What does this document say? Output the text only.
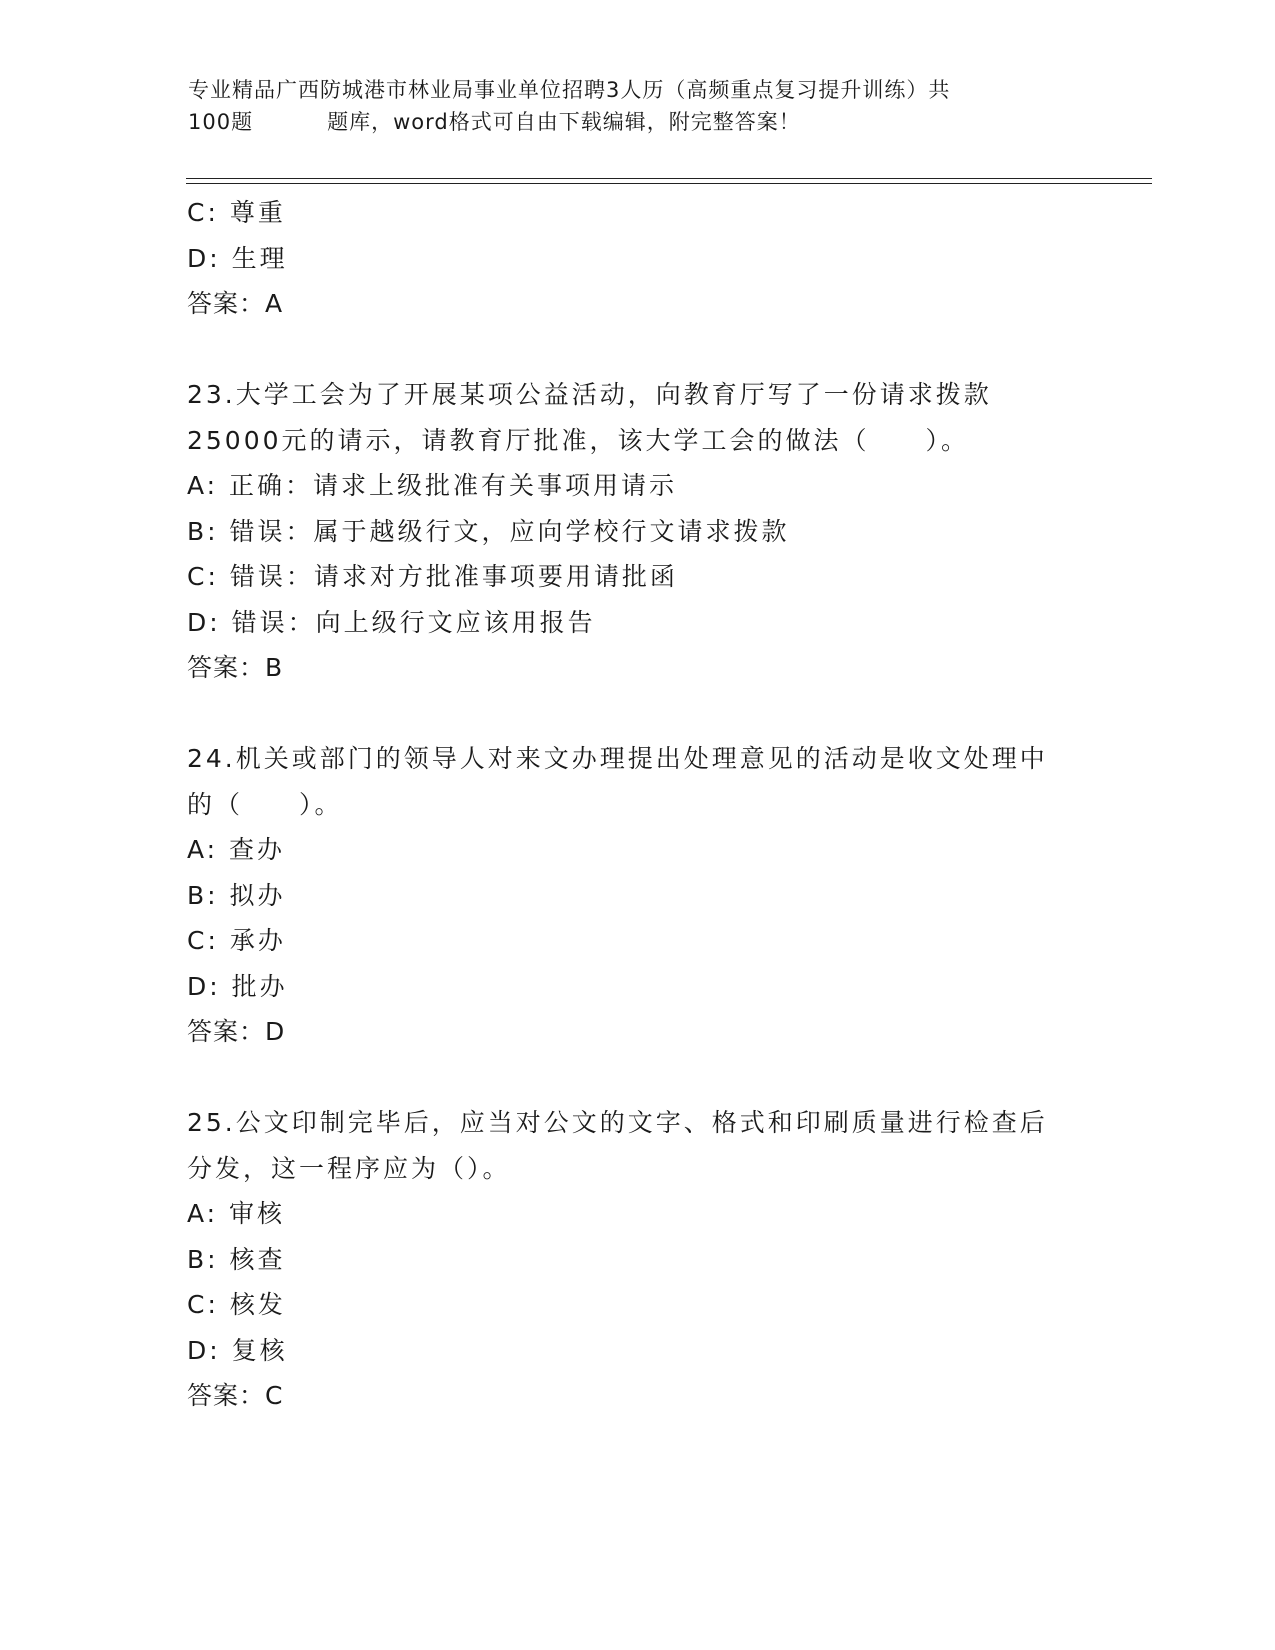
专业精品广西防城港市林业局事业单位招聘3人历（高频重点复习提升训练）共
100题	题库，word格式可自由下载编辑，附完整答案！
C: 尊重
D: 生理
答案：A
23.大学工会为了开展某项公益活动，向教育厅写了一份请求拨款
25000元的请示，请教育厅批准，该大学工会的做法（　　）。
A: 正确：请求上级批准有关事项用请示
B: 错误：属于越级行文，应向学校行文请求拨款
C: 错误：请求对方批准事项要用请批函
D: 错误：向上级行文应该用报告
答案：B
24.机关或部门的领导人对来文办理提出处理意见的活动是收文处理中
的（　　）。
A: 查办
B: 拟办
C: 承办
D: 批办
答案：D
25.公文印制完毕后，应当对公文的文字、格式和印刷质量进行检查后
分发，这一程序应为（）。
A: 审核
B: 核查
C: 核发
D: 复核
答案：C
